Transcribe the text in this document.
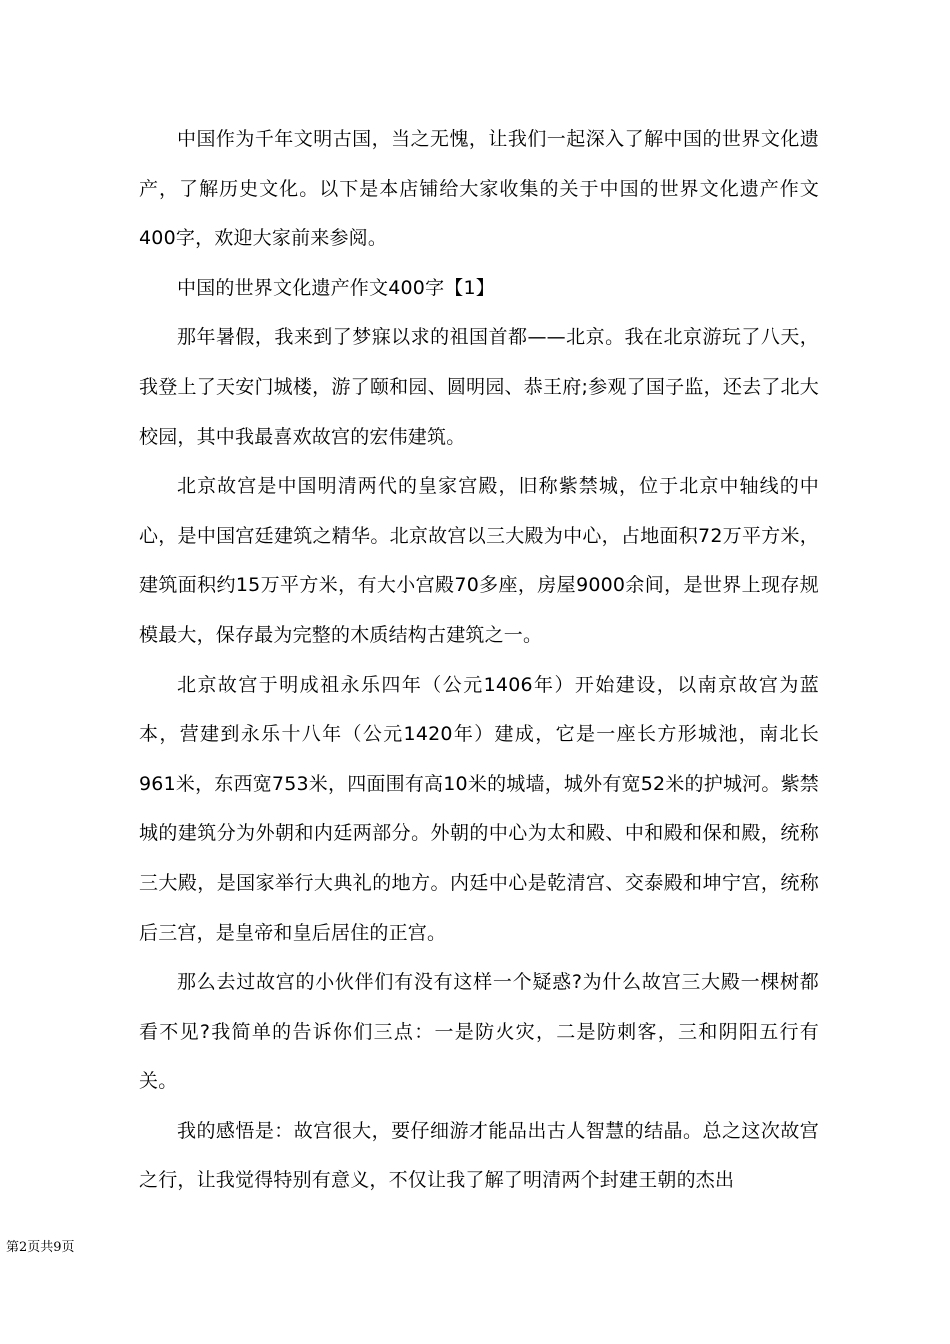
中国作为千年文明古国，当之无愧，让我们一起深入了解中国的世界文化遗产，了解历史文化。以下是本店铺给大家收集的关于中国的世界文化遗产作文400字，欢迎大家前来参阅。

中国的世界文化遗产作文400字【1】

那年暑假，我来到了梦寐以求的祖国首都——北京。我在北京游玩了八天，我登上了天安门城楼，游了颐和园、圆明园、恭王府;参观了国子监，还去了北大校园，其中我最喜欢故宫的宏伟建筑。

北京故宫是中国明清两代的皇家宫殿，旧称紫禁城，位于北京中轴线的中心，是中国宫廷建筑之精华。北京故宫以三大殿为中心，占地面积72万平方米，建筑面积约15万平方米，有大小宫殿70多座，房屋9000余间，是世界上现存规模最大，保存最为完整的木质结构古建筑之一。

北京故宫于明成祖永乐四年（公元1406年）开始建设，以南京故宫为蓝本，营建到永乐十八年（公元1420年）建成，它是一座长方形城池，南北长961米，东西宽753米，四面围有高10米的城墙，城外有宽52米的护城河。紫禁城的建筑分为外朝和内廷两部分。外朝的中心为太和殿、中和殿和保和殿，统称三大殿，是国家举行大典礼的地方。内廷中心是乾清宫、交泰殿和坤宁宫，统称后三宫，是皇帝和皇后居住的正宫。

那么去过故宫的小伙伴们有没有这样一个疑惑?为什么故宫三大殿一棵树都看不见?我简单的告诉你们三点：一是防火灾，二是防刺客，三和阴阳五行有关。

我的感悟是：故宫很大，要仔细游才能品出古人智慧的结晶。总之这次故宫之行，让我觉得特别有意义，不仅让我了解了明清两个封建王朝的杰出

第2页共9页
